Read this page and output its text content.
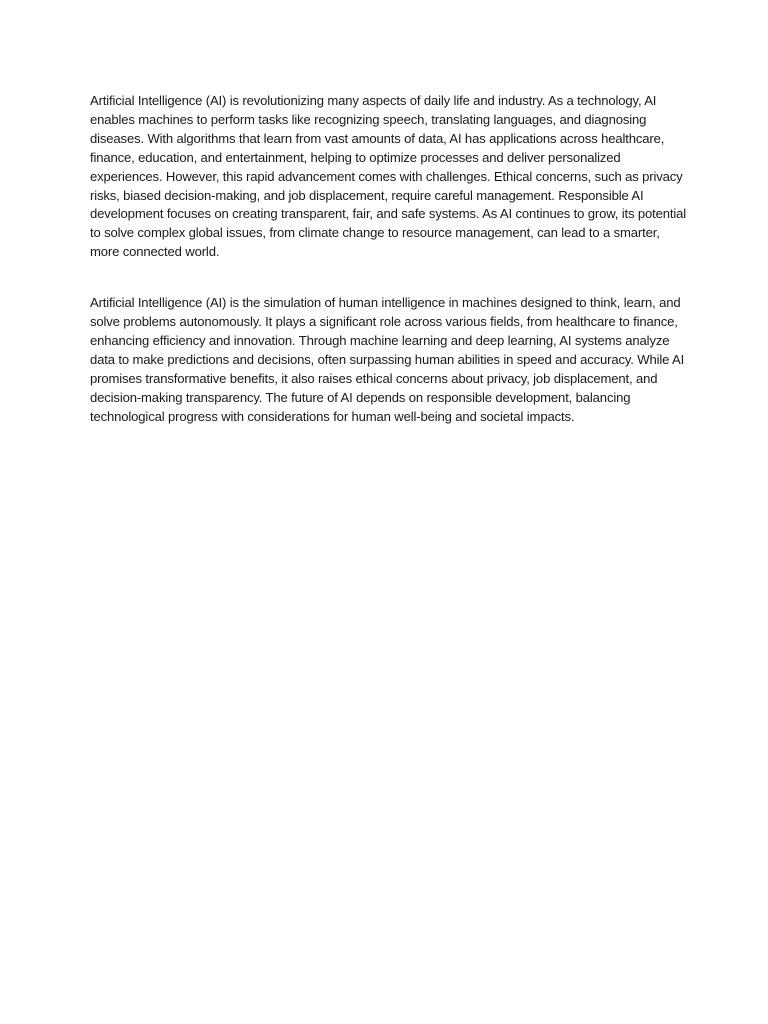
Artificial Intelligence (AI) is revolutionizing many aspects of daily life and industry. As a technology, AI enables machines to perform tasks like recognizing speech, translating languages, and diagnosing diseases. With algorithms that learn from vast amounts of data, AI has applications across healthcare, finance, education, and entertainment, helping to optimize processes and deliver personalized experiences. However, this rapid advancement comes with challenges. Ethical concerns, such as privacy risks, biased decision-making, and job displacement, require careful management. Responsible AI development focuses on creating transparent, fair, and safe systems. As AI continues to grow, its potential to solve complex global issues, from climate change to resource management, can lead to a smarter, more connected world.

Artificial Intelligence (AI) is the simulation of human intelligence in machines designed to think, learn, and solve problems autonomously. It plays a significant role across various fields, from healthcare to finance, enhancing efficiency and innovation. Through machine learning and deep learning, AI systems analyze data to make predictions and decisions, often surpassing human abilities in speed and accuracy. While AI promises transformative benefits, it also raises ethical concerns about privacy, job displacement, and decision-making transparency. The future of AI depends on responsible development, balancing technological progress with considerations for human well-being and societal impacts.
